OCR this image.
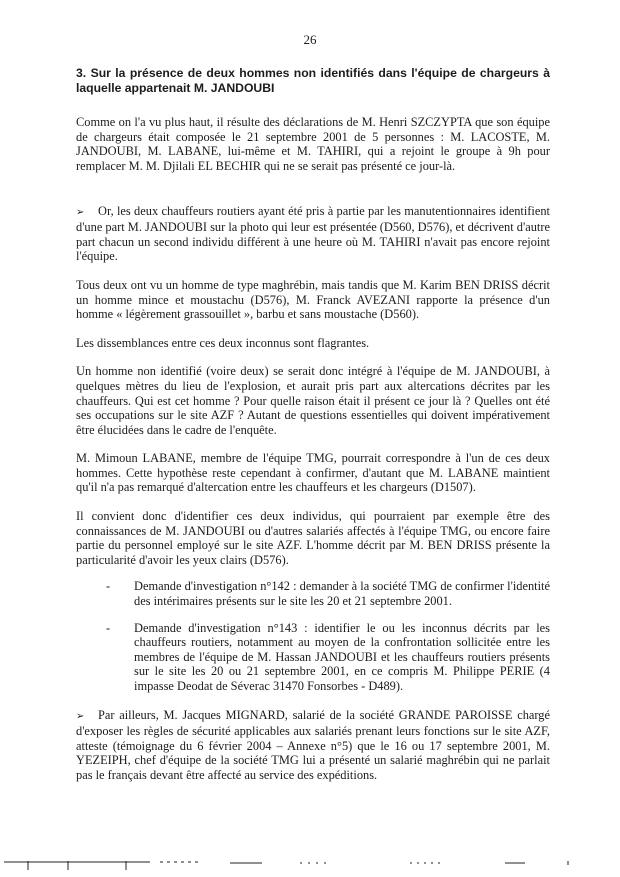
26

3. Sur la présence de deux hommes non identifiés dans l'équipe de chargeurs à laquelle appartenait M. JANDOUBI

Comme on l'a vu plus haut, il résulte des déclarations de M. Henri SZCZYPTA que son équipe de chargeurs était composée le 21 septembre 2001 de 5 personnes : M. LACOSTE, M. JANDOUBI, M. LABANE, lui-même et M. TAHIRI, qui a rejoint le groupe à 9h pour remplacer M. M. Djilali EL BECHIR qui ne se serait pas présenté ce jour-là.

➢ Or, les deux chauffeurs routiers ayant été pris à partie par les manutentionnaires identifient d'une part M. JANDOUBI sur la photo qui leur est présentée (D560, D576), et décrivent d'autre part chacun un second individu différent à une heure où M. TAHIRI n'avait pas encore rejoint l'équipe.

Tous deux ont vu un homme de type maghrébin, mais tandis que M. Karim BEN DRISS décrit un homme mince et moustachu (D576), M. Franck AVEZANI rapporte la présence d'un homme « légèrement grassouillet », barbu et sans moustache (D560).

Les dissemblances entre ces deux inconnus sont flagrantes.

Un homme non identifié (voire deux) se serait donc intégré à l'équipe de M. JANDOUBI, à quelques mètres du lieu de l'explosion, et aurait pris part aux altercations décrites par les chauffeurs. Qui est cet homme ? Pour quelle raison était il présent ce jour là ? Quelles ont été ses occupations sur le site AZF ? Autant de questions essentielles qui doivent impérativement être élucidées dans le cadre de l'enquête.

M. Mimoun LABANE, membre de l'équipe TMG, pourrait correspondre à l'un de ces deux hommes. Cette hypothèse reste cependant à confirmer, d'autant que M. LABANE maintient qu'il n'a pas remarqué d'altercation entre les chauffeurs et les chargeurs (D1507).

Il convient donc d'identifier ces deux individus, qui pourraient par exemple être des connaissances de M. JANDOUBI ou d'autres salariés affectés à l'équipe TMG, ou encore faire partie du personnel employé sur le site AZF. L'homme décrit par M. BEN DRISS présente la particularité d'avoir les yeux clairs (D576).

- Demande d'investigation n°142 : demander à la société TMG de confirmer l'identité des intérimaires présents sur le site les 20 et 21 septembre 2001.
- Demande d'investigation n°143 : identifier le ou les inconnus décrits par les chauffeurs routiers, notamment au moyen de la confrontation sollicitée entre les membres de l'équipe de M. Hassan JANDOUBI et les chauffeurs routiers présents sur le site les 20 ou 21 septembre 2001, en ce compris M. Philippe PERIE (4 impasse Deodat de Séverac 31470 Fonsorbes - D489).

➢ Par ailleurs, M. Jacques MIGNARD, salarié de la société GRANDE PAROISSE chargé d'exposer les règles de sécurité applicables aux salariés prenant leurs fonctions sur le site AZF, atteste (témoignage du 6 février 2004 – Annexe n°5) que le 16 ou 17 septembre 2001, M. YEZEIPH, chef d'équipe de la société TMG lui a présenté un salarié maghrébin qui ne parlait pas le français devant être affecté au service des expéditions.
